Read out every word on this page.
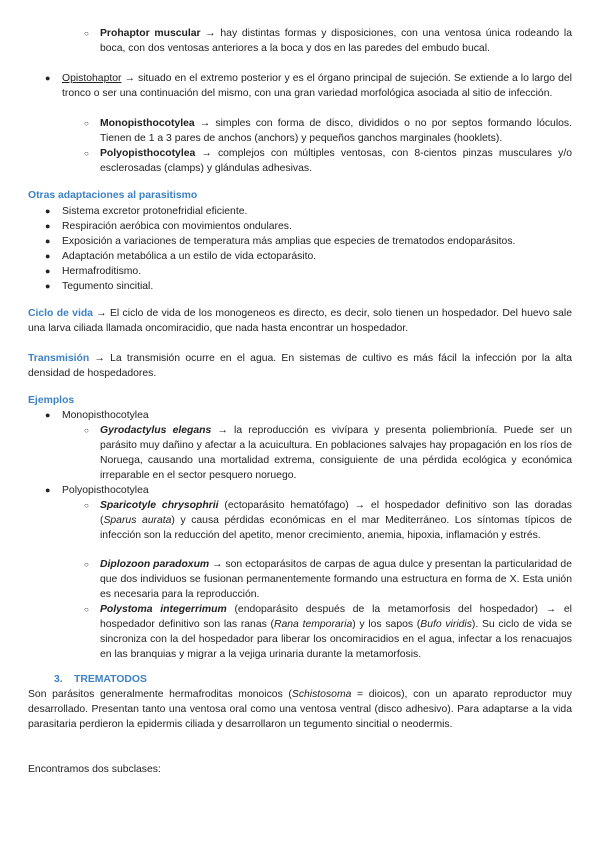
○ Prohaptor muscular → hay distintas formas y disposiciones, con una ventosa única rodeando la boca, con dos ventosas anteriores a la boca y dos en las paredes del embudo bucal.

● Opistohaptor → situado en el extremo posterior y es el órgano principal de sujeción. Se extiende a lo largo del tronco o ser una continuación del mismo, con una gran variedad morfológica asociada al sitio de infección.

○ Monopisthocotylea → simples con forma de disco, divididos o no por septos formando lóculos. Tienen de 1 a 3 pares de anchos (anchors) y pequeños ganchos marginales (hooklets).

○ Polyopisthocotylea → complejos con múltiples ventosas, con 8-cientos pinzas musculares y/o esclerosadas (clamps) y glándulas adhesivas.

Otras adaptaciones al parasitismo

● Sistema excretor protonefridial eficiente.

● Respiración aeróbica con movimientos ondulares.

● Exposición a variaciones de temperatura más amplias que especies de trematodos endoparásitos.

● Adaptación metabólica a un estilo de vida ectoparásito.

● Hermafroditismo.

● Tegumento sincitial.

Ciclo de vida → El ciclo de vida de los monogeneos es directo, es decir, solo tienen un hospedador. Del huevo sale una larva ciliada llamada oncomiracidio, que nada hasta encontrar un hospedador.

Transmisión → La transmisión ocurre en el agua. En sistemas de cultivo es más fácil la infección por la alta densidad de hospedadores.

Ejemplos

● Monopisthocotylea

○ Gyrodactylus elegans → la reproducción es vivípara y presenta poliembrionía. Puede ser un parásito muy dañino y afectar a la acuicultura. En poblaciones salvajes hay propagación en los ríos de Noruega, causando una mortalidad extrema, consiguiente de una pérdida ecológica y económica irreparable en el sector pesquero noruego.

● Polyopisthocotylea

○ Sparicotyle chrysophrii (ectoparásito hematófago) → el hospedador definitivo son las doradas (Sparus aurata) y causa pérdidas económicas en el mar Mediterráneo. Los síntomas típicos de infección son la reducción del apetito, menor crecimiento, anemia, hipoxia, inflamación y estrés.

○ Diplozoon paradoxum → son ectoparásitos de carpas de agua dulce y presentan la particularidad de que dos individuos se fusionan permanentemente formando una estructura en forma de X. Esta unión es necesaria para la reproducción.

○ Polystoma integerrimum (endoparásito después de la metamorfosis del hospedador) → el hospedador definitivo son las ranas (Rana temporaria) y los sapos (Bufo viridis). Su ciclo de vida se sincroniza con la del hospedador para liberar los oncomiracidios en el agua, infectar a los renacuajos en las branquias y migrar a la vejiga urinaria durante la metamorfosis.

3. TREMATODOS

Son parásitos generalmente hermafroditas monoicos (Schistosoma = dioicos), con un aparato reproductor muy desarrollado. Presentan tanto una ventosa oral como una ventosa ventral (disco adhesivo). Para adaptarse a la vida parasitaria perdieron la epidermis ciliada y desarrollaron un tegumento sincitial o neodermis.

Encontramos dos subclases:
